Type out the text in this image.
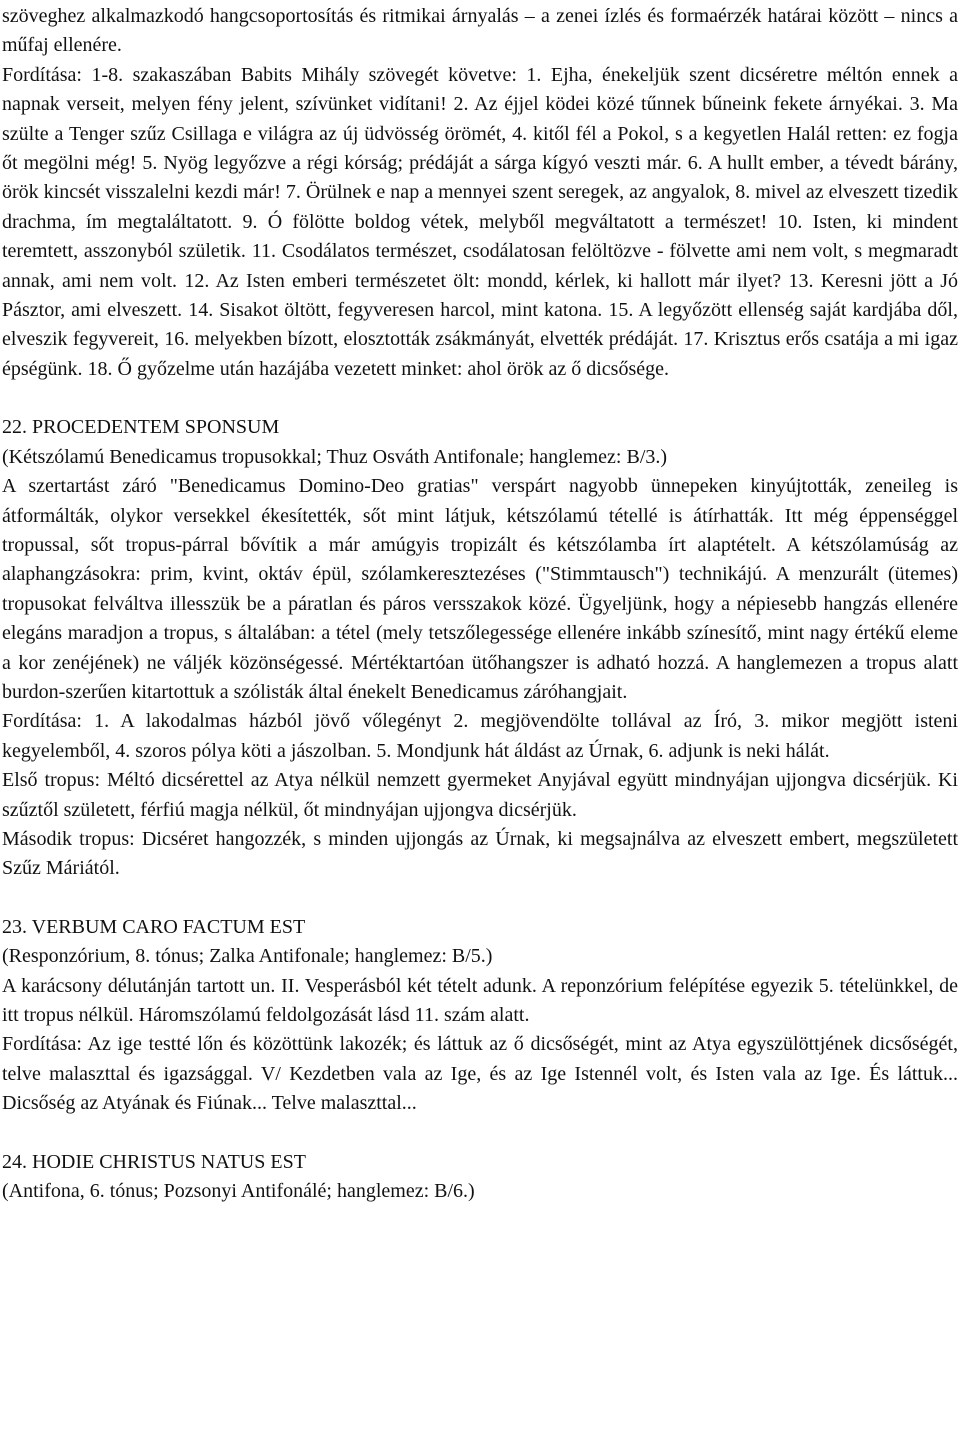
szöveghez alkalmazkodó hangcsoportosítás és ritmikai árnyalás – a zenei ízlés és formaérzék határai között – nincs a műfaj ellenére.

Fordítása: 1-8. szakaszában Babits Mihály szövegét követve: 1. Ejha, énekeljük szent dicséretre méltón ennek a napnak verseit, melyen fény jelent, szívünket vidítani! 2. Az éjjel ködei közé tűnnek bűneink fekete árnyékai. 3. Ma szülte a Tenger szűz Csillaga e világra az új üdvösség örömét, 4. kitől fél a Pokol, s a kegyetlen Halál retten: ez fogja őt megölni még! 5. Nyög legyőzve a régi kórság; prédáját a sárga kígyó veszti már. 6. A hullt ember, a tévedt bárány, örök kincsét visszalelni kezdi már! 7. Örülnek e nap a mennyei szent seregek, az angyalok, 8. mivel az elveszett tizedik drachma, ím megtaláltatott. 9. Ó fölötte boldog vétek, melyből megváltatott a természet! 10. Isten, ki mindent teremtett, asszonyból születik. 11. Csodálatos természet, csodálatosan felöltözve - fölvette ami nem volt, s megmaradt annak, ami nem volt. 12. Az Isten emberi természetet ölt: mondd, kérlek, ki hallott már ilyet? 13. Keresni jött a Jó Pásztor, ami elveszett. 14. Sisakot öltött, fegyveresen harcol, mint katona. 15. A legyőzött ellenség saját kardjába dől, elveszik fegyvereit, 16. melyekben bízott, elosztották zsákmányát, elvették prédáját. 17. Krisztus erős csatája a mi igaz épségünk. 18. Ő győzelme után hazájába vezetett minket: ahol örök az ő dicsősége.

22. PROCEDENTEM SPONSUM

(Kétszólamú Benedicamus tropusokkal; Thuz Osváth Antifonale; hanglemez: B/3.)

A szertartást záró "Benedicamus Domino-Deo gratias" verspárt nagyobb ünnepeken kinyújtották, zeneileg is átformálták, olykor versekkel ékesítették, sőt mint látjuk, kétszólamú tétellé is átírhatták. Itt még éppenséggel tropussal, sőt tropus-párral bővítik a már amúgyis tropizált és kétszólamba írt alaptételt. A kétszólamúság az alaphangzásokra: prim, kvint, oktáv épül, szólamkeresztezéses ("Stimmtausch") technikájú. A menzurált (ütemes) tropusokat felváltva illesszük be a páratlan és páros versszakok közé. Ügyeljünk, hogy a népiesebb hangzás ellenére elegáns maradjon a tropus, s általában: a tétel (mely tetszőlegessége ellenére inkább színesítő, mint nagy értékű eleme a kor zenéjének) ne váljék közönségessé. Mértéktartóan ütőhangszer is adható hozzá. A hanglemezen a tropus alatt burdon-szerűen kitartottuk a szólisták által énekelt Benedicamus záróhangjait.

Fordítása: 1. A lakodalmas házból jövő vőlegényt 2. megjövendölte tollával az Író, 3. mikor megjött isteni kegyelemből, 4. szoros pólya köti a jászolban. 5. Mondjunk hát áldást az Úrnak, 6. adjunk is neki hálát.

Első tropus: Méltó dicsérettel az Atya nélkül nemzett gyermeket Anyjával együtt mindnyájan ujjongva dicsérjük. Ki szűztől született, férfiú magja nélkül, őt mindnyájan ujjongva dicsérjük.

Második tropus: Dicséret hangozzék, s minden ujjongás az Úrnak, ki megsajnálva az elveszett embert, megszületett Szűz Máriától.

23. VERBUM CARO FACTUM EST

(Responzórium, 8. tónus; Zalka Antifonale; hanglemez: B/5.)

A karácsony délutánján tartott un. II. Vesperásból két tételt adunk. A reponzórium felépítése egyezik 5. tételünkkel, de itt tropus nélkül. Háromszólamú feldolgozását lásd 11. szám alatt.

Fordítása: Az ige testté lőn és közöttünk lakozék; és láttuk az ő dicsőségét, mint az Atya egyszülöttjének dicsőségét, telve malaszttal és igazsággal. V/ Kezdetben vala az Ige, és az Ige Istennél volt, és Isten vala az Ige. És láttuk... Dicsőség az Atyának és Fiúnak... Telve malaszttal...

24. HODIE CHRISTUS NATUS EST

(Antifona, 6. tónus; Pozsonyi Antifonálé; hanglemez: B/6.)
